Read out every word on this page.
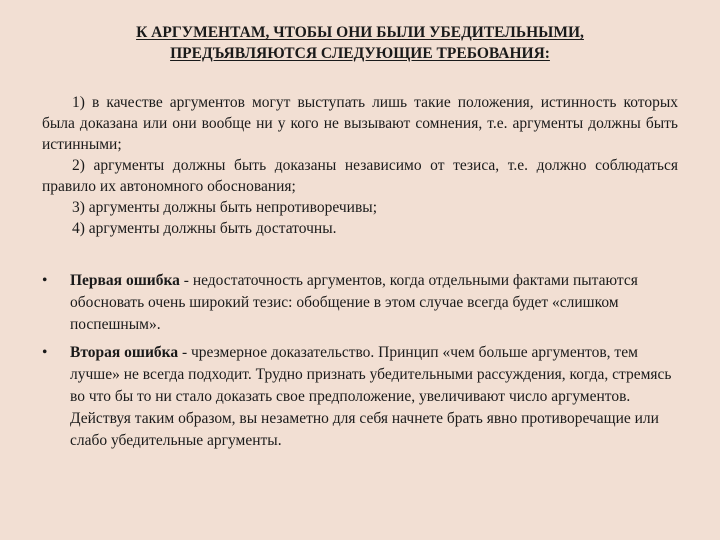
К АРГУМЕНТАМ, ЧТОБЫ ОНИ БЫЛИ УБЕДИТЕЛЬНЫМИ,
ПРЕДЪЯВЛЯЮТСЯ СЛЕДУЮЩИЕ ТРЕБОВАНИЯ:

1) в качестве аргументов могут выступать лишь такие положения, истинность которых была доказана или они вообще ни у кого не вызывают сомнения, т.е. аргументы должны быть истинными;

2) аргументы должны быть доказаны независимо от тезиса, т.е. должно соблюдаться правило их автономного обоснования;

3) аргументы должны быть непротиворечивы;

4) аргументы должны быть достаточны.

• Первая ошибка - недостаточность аргументов, когда отдельными фактами пытаются обосновать очень широкий тезис: обобщение в этом случае всегда будет «слишком поспешным».
• Вторая ошибка - чрезмерное доказательство. Принцип «чем больше аргументов, тем лучше» не всегда подходит. Трудно признать убедительными рассуждения, когда, стремясь во что бы то ни стало доказать свое предположение, увеличивают число аргументов. Действуя таким образом, вы незаметно для себя начнете брать явно противоречащие или слабо убедительные аргументы.
